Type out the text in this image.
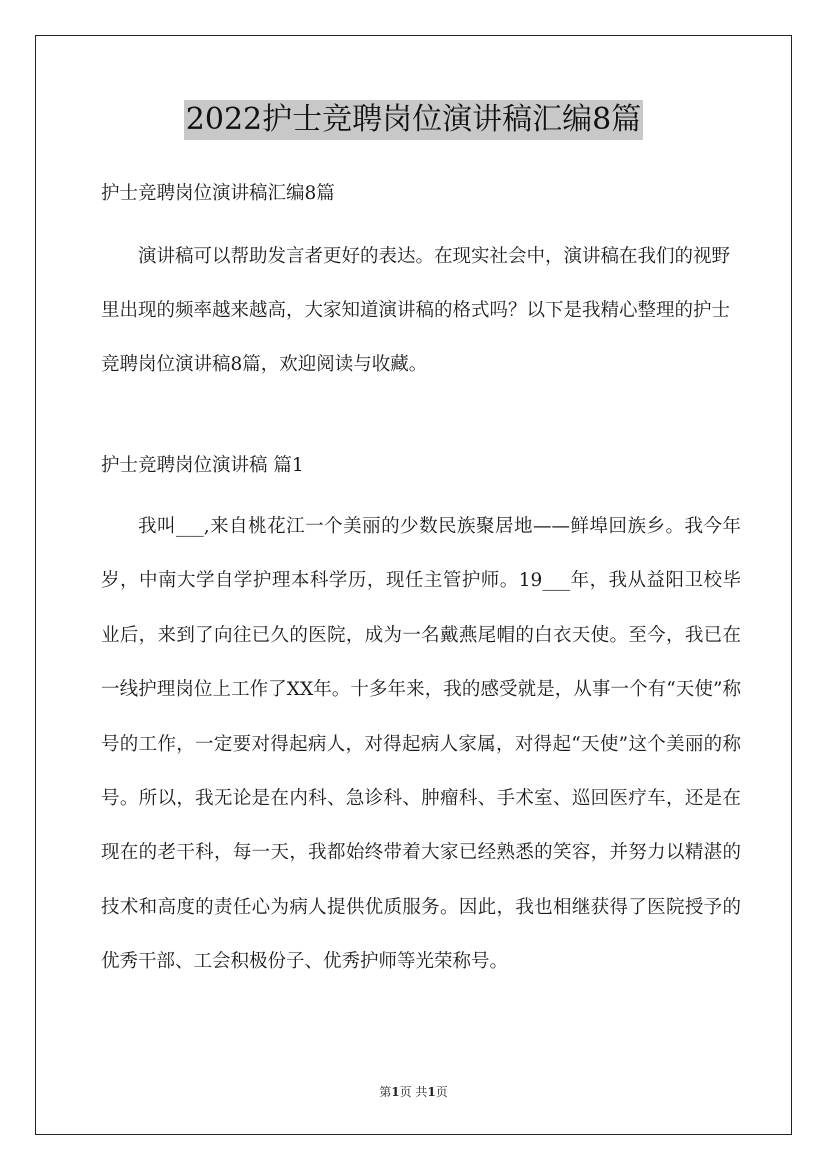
2022护士竞聘岗位演讲稿汇编8篇
护士竞聘岗位演讲稿汇编8篇
演讲稿可以帮助发言者更好的表达。在现实社会中，演讲稿在我们的视野里出现的频率越来越高，大家知道演讲稿的格式吗？以下是我精心整理的护士竞聘岗位演讲稿8篇，欢迎阅读与收藏。
护士竞聘岗位演讲稿 篇1
我叫___,来自桃花江一个美丽的少数民族聚居地——鲜埠回族乡。我今年岁，中南大学自学护理本科学历，现任主管护师。19___年，我从益阳卫校毕业后，来到了向往已久的医院，成为一名戴燕尾帽的白衣天使。至今，我已在一线护理岗位上工作了XX年。十多年来，我的感受就是，从事一个有“天使”称号的工作，一定要对得起病人，对得起病人家属，对得起“天使”这个美丽的称号。所以，我无论是在内科、急诊科、肿瘤科、手术室、巡回医疗车，还是在现在的老干科，每一天，我都始终带着大家已经熟悉的笑容，并努力以精湛的技术和高度的责任心为病人提供优质服务。因此，我也相继获得了医院授予的优秀干部、工会积极份子、优秀护师等光荣称号。
第1页 共1页
